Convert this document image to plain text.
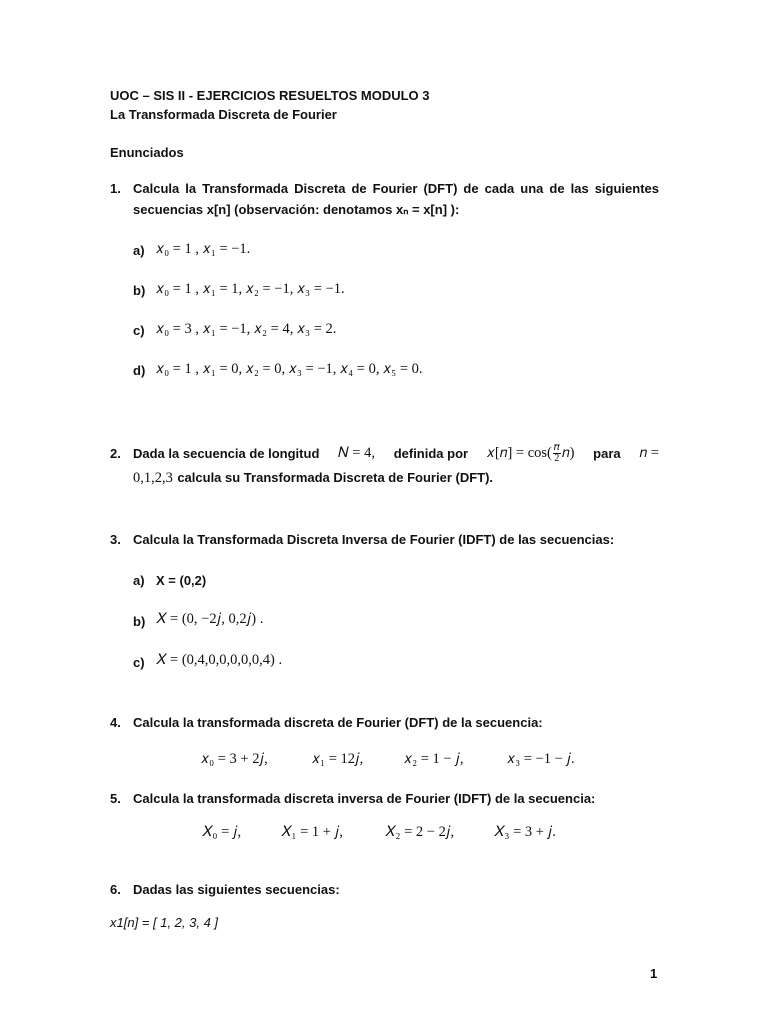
UOC – SIS II - EJERCICIOS RESUELTOS MODULO 3
La Transformada Discreta de Fourier
Enunciados
1. Calcula la Transformada Discreta de Fourier (DFT) de cada una de las siguientes
secuencias x[n] (observación: denotamos xₙ = x[n] ):
a) 𝑥₀ = 1 , 𝑥₁ = −1.
b) 𝑥₀ = 1 , 𝑥₁ = 1, 𝑥₂ = −1, 𝑥₃ = −1.
c) 𝑥₀ = 3 , 𝑥₁ = −1, 𝑥₂ = 4, 𝑥₃ = 2.
d) 𝑥₀ = 1 , 𝑥₁ = 0, 𝑥₂ = 0, 𝑥₃ = −1, 𝑥₄ = 0, 𝑥₅ = 0.
2. Dada la secuencia de longitud 𝑁 = 4, definida por 𝑥[𝑛] = $\cos( \frac{\text{𝜋}}{2}$ 𝑛) para 𝑛 =
0,1,2,3 calcula su Transformada Discreta de Fourier (DFT).
3. Calcula la Transformada Discreta Inversa de Fourier (IDFT) de las secuencias:
a) X = (0,2)
b) 𝑋 = (0, −2𝑗, 0,2𝑗) .
c) 𝑋 = (0,4,0,0,0,0,0,4) .
4. Calcula la transformada discreta de Fourier (DFT) de la secuencia:
𝑥₀ = 3 + 2𝑗,	𝑥₁ = 12𝑗,	𝑥₂ = 1 − 𝑗,	𝑥₃ = −1 − 𝑗.
5. Calcula la transformada discreta inversa de Fourier (IDFT) de la secuencia:
𝑋₀ = 𝑗,	𝑋₁ = 1 + 𝑗,	𝑋₂ = 2 − 2𝑗,	𝑋₃ = 3 + 𝑗.
6. Dadas las siguientes secuencias:
x1[n] = [ 1, 2, 3, 4 ]
1
